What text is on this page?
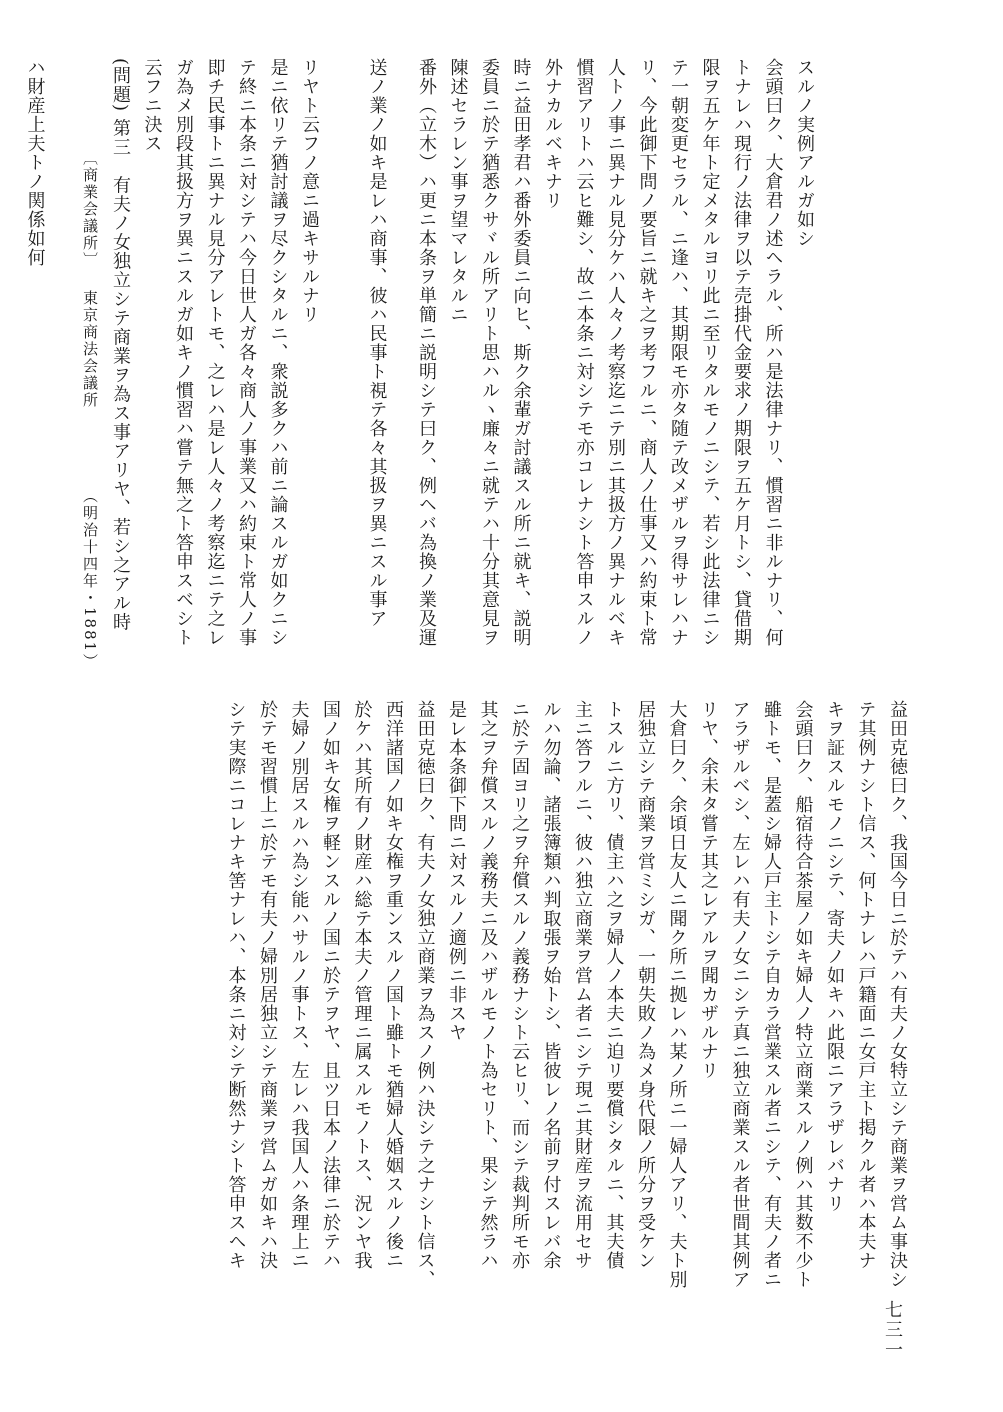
スルノ実例アルガ如シ
会頭曰ク、大倉君ノ述ヘラル、所ハ是法律ナリ、慣習ニ非ルナリ、何
トナレハ現行ノ法律ヲ以テ売掛代金要求ノ期限ヲ五ケ月トシ、貸借期
限ヲ五ケ年ト定メタルヨリ此ニ至リタルモノニシテ、若シ此法律ニシ
テ一朝変更セラル、ニ逢ハ、其期限モ亦タ随テ改メザルヲ得サレハナ
リ、今此御下問ノ要旨ニ就キ之ヲ考フルニ、商人ノ仕事又ハ約束ト常
人トノ事ニ異ナル見分ケハ人々ノ考察迄ニテ別ニ其扱方ノ異ナルベキ
慣習アリトハ云ヒ難シ、故ニ本条ニ対シテモ亦コレナシト答申スルノ
外ナカルベキナリ
時ニ益田孝君ハ番外委員ニ向ヒ、斯ク余輩ガ討議スル所ニ就キ、説明
委員ニ於テ猶悉クサヾル所アリト思ハルヽ廉々ニ就テハ十分其意見ヲ
陳述セラレン事ヲ望マレタルニ
番外（立木）ハ更ニ本条ヲ単簡ニ説明シテ曰ク、例ヘバ為換ノ業及運
送ノ業ノ如キ是レハ商事、彼ハ民事ト視テ各々其扱ヲ異ニスル事ア
リヤト云フノ意ニ過キサルナリ
是ニ依リテ猶討議ヲ尽クシタルニ、衆説多クハ前ニ論スルガ如クニシ
テ終ニ本条ニ対シテハ今日世人ガ各々商人ノ事業又ハ約束ト常人ノ事
即チ民事トニ異ナル見分アレトモ、之レハ是レ人々ノ考察迄ニテ之レ
ガ為メ別段其扱方ヲ異ニスルガ如キノ慣習ハ嘗テ無之ト答申スベシト
云フニ決ス
(問題) 第三　有夫ノ女独立シテ商業ヲ為ス事アリヤ、若シ之アル時
ハ財産上夫トノ関係如何
益田克徳曰ク、我国今日ニ於テハ有夫ノ女特立シテ商業ヲ営ム事決シ
テ其例ナシト信ス、何トナレハ戸籍面ニ女戸主ト掲クル者ハ本夫ナ
キヲ証スルモノニシテ、寄夫ノ如キハ此限ニアラザレバナリ
会頭曰ク、船宿待合茶屋ノ如キ婦人ノ特立商業スルノ例ハ其数不少ト
雖トモ、是蓋シ婦人戸主トシテ自カラ営業スル者ニシテ、有夫ノ者ニ
アラザルベシ、左レハ有夫ノ女ニシテ真ニ独立商業スル者世間其例ア
リヤ、余未タ嘗テ其之レアルヲ聞カザルナリ
大倉曰ク、余頃日友人ニ聞ク所ニ拠レハ某ノ所ニ一婦人アリ、夫ト別
居独立シテ商業ヲ営ミシガ、一朝失敗ノ為メ身代限ノ所分ヲ受ケン
トスルニ方リ、債主ハ之ヲ婦人ノ本夫ニ迫リ要償シタルニ、其夫債
主ニ答フルニ、彼ハ独立商業ヲ営ム者ニシテ現ニ其財産ヲ流用セサ
ルハ勿論、諸張簿類ハ判取張ヲ始トシ、皆彼レノ名前ヲ付スレバ余
ニ於テ固ヨリ之ヲ弁償スルノ義務ナシト云ヒリ、而シテ裁判所モ亦
其之ヲ弁償スルノ義務夫ニ及ハザルモノト為セリト、果シテ然ラハ
是レ本条御下問ニ対スルノ適例ニ非スヤ
益田克徳曰ク、有夫ノ女独立商業ヲ為スノ例ハ決シテ之ナシト信ス、
西洋諸国ノ如キ女権ヲ重ンスルノ国ト雖トモ猶婦人婚姻スルノ後ニ
於ケハ其所有ノ財産ハ総テ本夫ノ管理ニ属スルモノトス、況ンヤ我
国ノ如キ女権ヲ軽ンスルノ国ニ於テヲヤ、且ツ日本ノ法律ニ於テハ
夫婦ノ別居スルハ為シ能ハサルノ事トス、左レハ我国人ハ条理上ニ
於テモ習慣上ニ於テモ有夫ノ婦別居独立シテ商業ヲ営ムガ如キハ決
シテ実際ニコレナキ筈ナレハ、本条ニ対シテ断然ナシト答申スヘキ
〔商業会議所〕
東京商法会議所
（明治十四年・1881）
七三一
